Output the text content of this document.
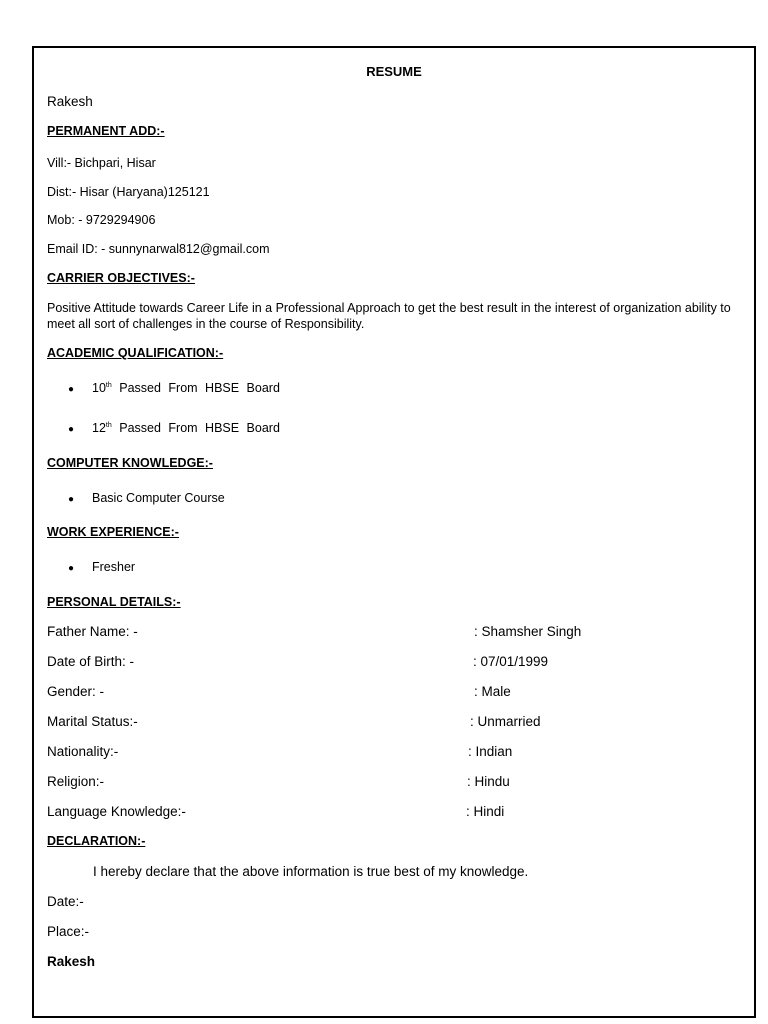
RESUME
Rakesh
PERMANENT ADD:-
Vill:- Bichpari, Hisar
Dist:- Hisar (Haryana)125121
Mob: - 9729294906
Email ID: - sunnynarwal812@gmail.com
CARRIER OBJECTIVES:-
Positive Attitude towards Career Life in a Professional Approach to get the best result in the interest of organization ability to meet all sort of challenges in the course of Responsibility.
ACADEMIC QUALIFICATION:-
● 10th Passed From HBSE Board
● 12th Passed From HBSE Board
COMPUTER KNOWLEDGE:-
● Basic Computer Course
WORK EXPERIENCE:-
● Fresher
PERSONAL DETAILS:-
Father Name: -	: Shamsher Singh
Date of Birth: -	: 07/01/1999
Gender: -	: Male
Marital Status:-	: Unmarried
Nationality:-	: Indian
Religion:-	: Hindu
Language Knowledge:-	: Hindi
DECLARATION:-
I hereby declare that the above information is true best of my knowledge.
Date:-
Place:-
Rakesh
